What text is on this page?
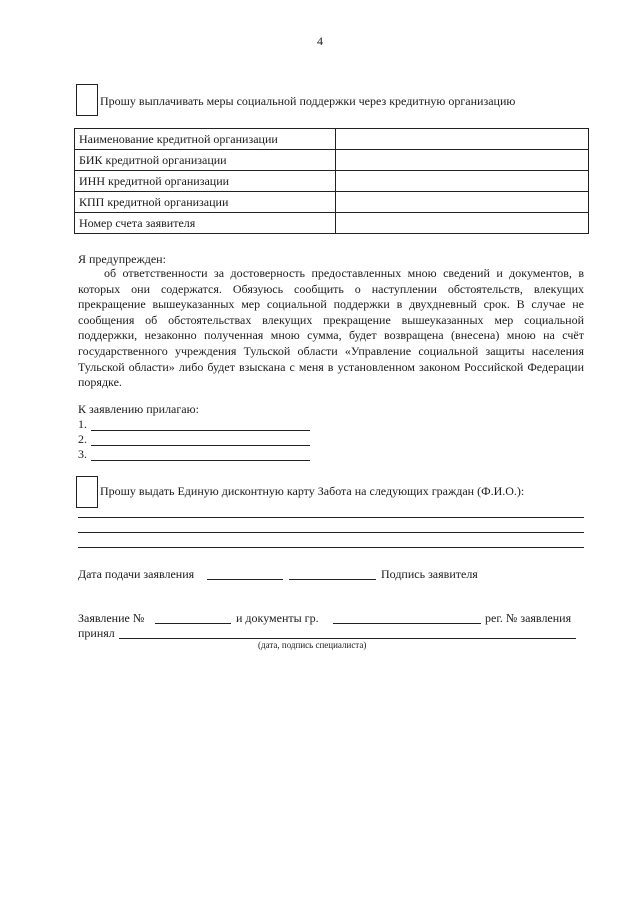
4
Прошу выплачивать меры социальной поддержки через кредитную организацию
Наименование кредитной организации	
БИК кредитной организации	
ИНН кредитной организации	
КПП кредитной организации	
Номер счета заявителя	
Я предупрежден:
об ответственности за достоверность предоставленных мною сведений и документов, в которых они содержатся. Обязуюсь сообщить о наступлении обстоятельств, влекущих прекращение вышеуказанных мер социальной поддержки в двухдневный срок. В случае не сообщения об обстоятельствах влекущих прекращение вышеуказанных мер социальной поддержки, незаконно полученная мною сумма, будет возвращена (внесена) мною на счёт государственного учреждения Тульской области «Управление социальной защиты населения Тульской области» либо будет взыскана с меня в установленном законом Российской Федерации порядке.
К заявлению прилагаю:
1.
2.
3.
Прошу выдать Единую дисконтную карту Забота на следующих граждан (Ф.И.О.):
Дата подачи заявления	Подпись заявителя
Заявление №	и документы гр.	рег. № заявления
принял
(дата, подпись специалиста)
